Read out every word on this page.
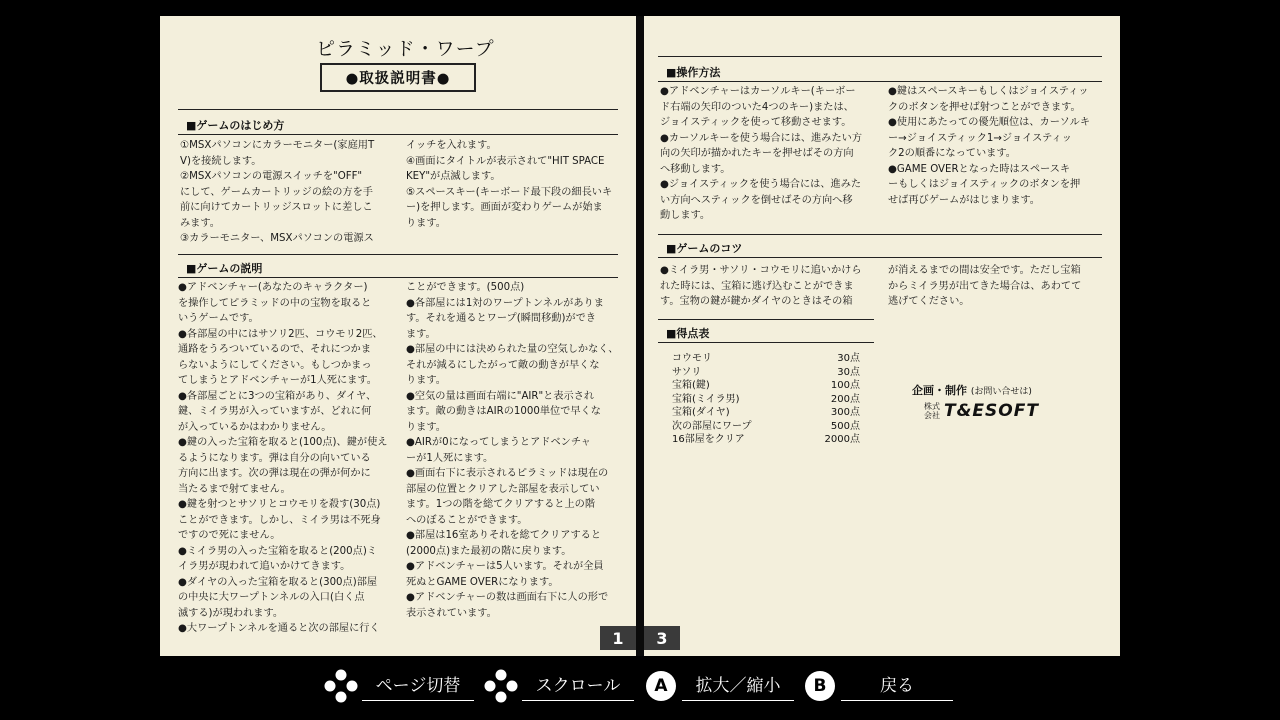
ピラミッド・ワープ
●取扱説明書●
■ゲームのはじめ方

①MSXパソコンにカラーモニター(家庭用T

V)を接続します。

②MSXパソコンの電源スイッチを"OFF"

にして、ゲームカートリッジの絵の方を手

前に向けてカートリッジスロットに差しこ

みます。

③カラーモニター、MSXパソコンの電源ス

イッチを入れます。

④画面にタイトルが表示されて"HIT SPACE

KEY"が点滅します。

⑤スペースキー(キーボード最下段の細長いキ

ー)を押します。画面が変わりゲームが始ま

ります。

■ゲームの説明

●アドベンチャー(あなたのキャラクター)

を操作してピラミッドの中の宝物を取ると

いうゲームです。

●各部屋の中にはサソリ2匹、コウモリ2匹、

通路をうろついているので、それにつかま

らないようにしてください。もしつかまっ

てしまうとアドベンチャーが1人死にます。

●各部屋ごとに3つの宝箱があり、ダイヤ、

鍵、ミイラ男が入っていますが、どれに何

が入っているかはわかりません。

●鍵の入った宝箱を取ると(100点)、鍵が使え

るようになります。弾は自分の向いている

方向に出ます。次の弾は現在の弾が何かに

当たるまで射てません。

●鍵を射つとサソリとコウモリを殺す(30点)

ことができます。しかし、ミイラ男は不死身

ですので死にません。

●ミイラ男の入った宝箱を取ると(200点)ミ

イラ男が現われて追いかけてきます。

●ダイヤの入った宝箱を取ると(300点)部屋

の中央に大ワープトンネルの入口(白く点

滅する)が現われます。

●大ワープトンネルを通ると次の部屋に行く

ことができます。(500点)

●各部屋には1対のワープトンネルがありま

す。それを通るとワープ(瞬間移動)ができ

ます。

●部屋の中には決められた量の空気しかなく、

それが減るにしたがって敵の動きが早くな

ります。

●空気の量は画面右端に"AIR"と表示され

ます。敵の動きはAIRの1000単位で早くな

ります。

●AIRが0になってしまうとアドベンチャ

ーが1人死にます。

●画面右下に表示されるピラミッドは現在の

部屋の位置とクリアした部屋を表示してい

ます。1つの階を総てクリアすると上の階

へのぼることができます。

●部屋は16室ありそれを総てクリアすると

(2000点)また最初の階に戻ります。

●アドベンチャーは5人います。それが全員

死ぬとGAME OVERになります。

●アドベンチャーの数は画面右下に人の形で

表示されています。

■操作方法

●アドベンチャーはカーソルキー(キーボー

ド右端の矢印のついた4つのキー)または、

ジョイスティックを使って移動させます。

●カーソルキーを使う場合には、進みたい方

向の矢印が描かれたキーを押せばその方向

へ移動します。

●ジョイスティックを使う場合には、進みた

い方向へスティックを倒せばその方向へ移

動します。

●鍵はスペースキーもしくはジョイスティッ

クのボタンを押せば射つことができます。

●使用にあたっての優先順位は、カーソルキ

ー→ジョイスティック1→ジョイスティッ

ク2の順番になっています。

●GAME OVERとなった時はスペースキ

ーもしくはジョイスティックのボタンを押

せば再びゲームがはじまります。

■ゲームのコツ

●ミイラ男・サソリ・コウモリに追いかけら

れた時には、宝箱に逃げ込むことができま

す。宝物の鍵が鍵かダイヤのときはその箱

が消えるまでの間は安全です。ただし宝箱

からミイラ男が出てきた場合は、あわてて

逃げてください。

■得点表
コウモリ	30点
サソリ	30点
宝箱(鍵)	100点
宝箱(ミイラ男)	200点
宝箱(ダイヤ)	300点
次の部屋にワープ	500点
16部屋をクリア	2000点
企画・制作 (お問い合せは)
株式
会社 T&ESOFT
1	3
ページ切替	スクロール	A	拡大／縮小	B	戻る
